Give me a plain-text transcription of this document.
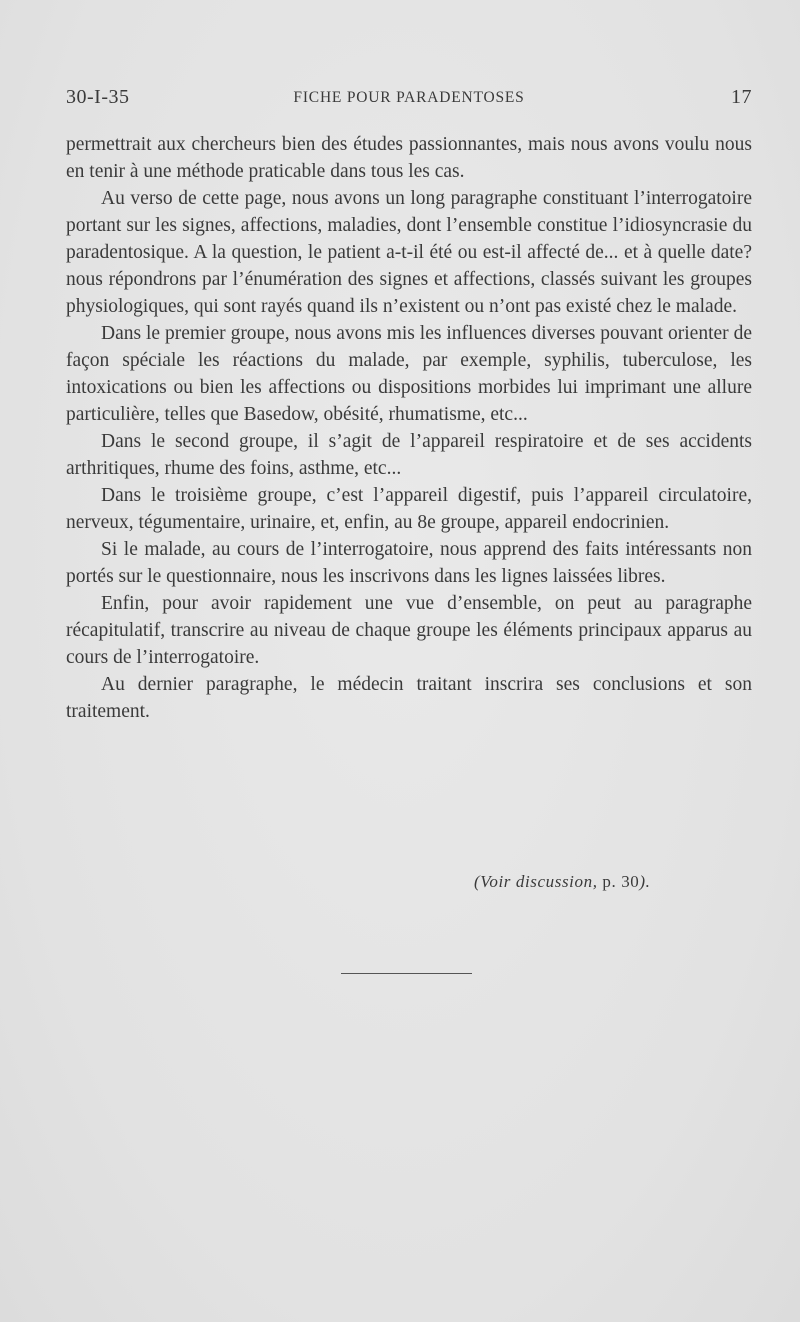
30-I-35	FICHE POUR PARADENTOSES	17

permettrait aux chercheurs bien des études passionnantes, mais nous avons voulu nous en tenir à une méthode praticable dans tous les cas.

Au verso de cette page, nous avons un long paragraphe constituant l’interrogatoire portant sur les signes, affections, maladies, dont l’ensemble constitue l’idiosyncrasie du paradentosique. A la question, le patient a-t-il été ou est-il affecté de... et à quelle date? nous répondrons par l’énumération des signes et affections, classés suivant les groupes physiologiques, qui sont rayés quand ils n’existent ou n’ont pas existé chez le malade.

Dans le premier groupe, nous avons mis les influences diverses pouvant orienter de façon spéciale les réactions du malade, par exemple, syphilis, tuberculose, les intoxications ou bien les affections ou dispositions morbides lui imprimant une allure particulière, telles que Basedow, obésité, rhumatisme, etc...

Dans le second groupe, il s’agit de l’appareil respiratoire et de ses accidents arthritiques, rhume des foins, asthme, etc...

Dans le troisième groupe, c’est l’appareil digestif, puis l’appareil circulatoire, nerveux, tégumentaire, urinaire, et, enfin, au 8e groupe, appareil endocrinien.

Si le malade, au cours de l’interrogatoire, nous apprend des faits intéressants non portés sur le questionnaire, nous les inscrivons dans les lignes laissées libres.

Enfin, pour avoir rapidement une vue d’ensemble, on peut au paragraphe récapitulatif, transcrire au niveau de chaque groupe les éléments principaux apparus au cours de l’interrogatoire.

Au dernier paragraphe, le médecin traitant inscrira ses conclusions et son traitement.

(Voir discussion, p. 30).
